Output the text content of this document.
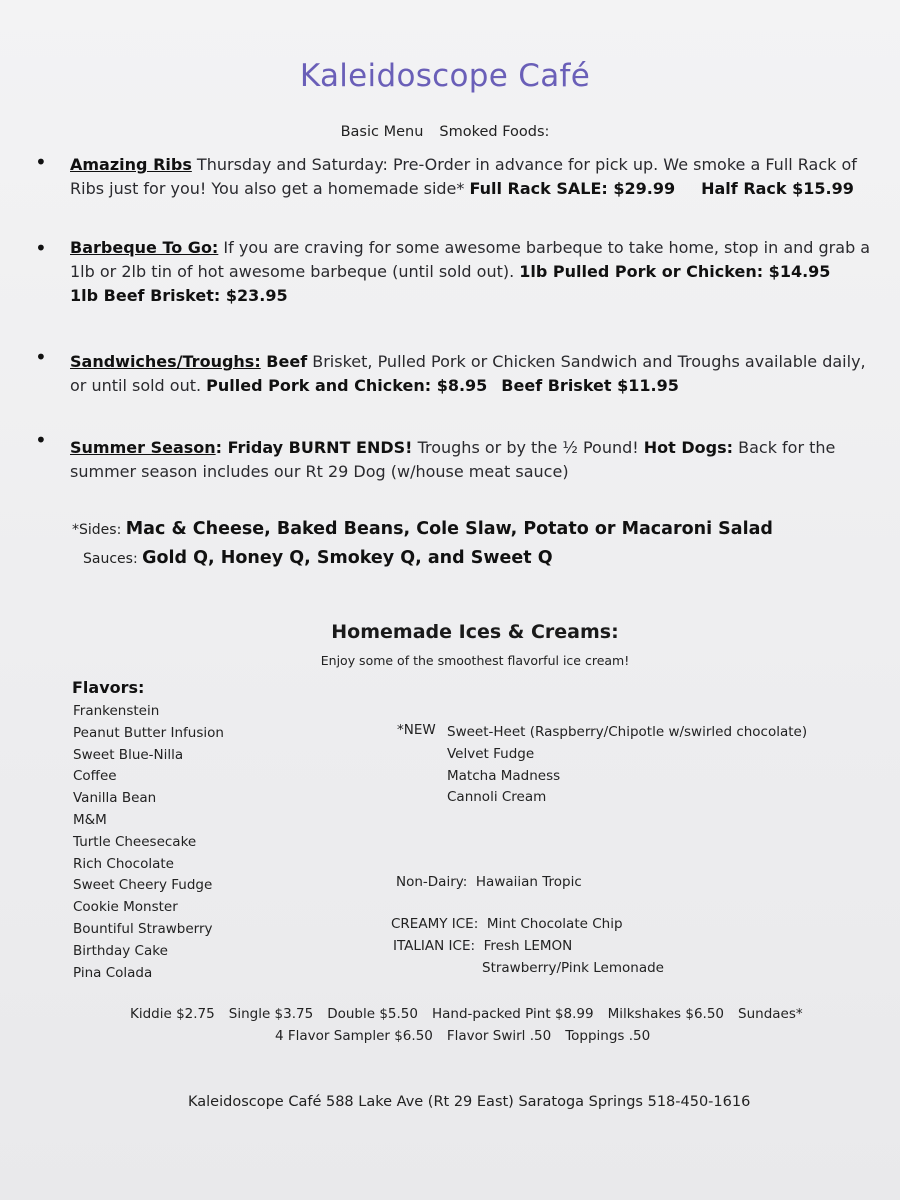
Kaleidoscope Café
Basic Menu Smoked Foods:
• Amazing Ribs Thursday and Saturday: Pre-Order in advance for pick up. We smoke a Full Rack of Ribs just for you! You also get a homemade side* Full Rack SALE: $29.99 Half Rack $15.99
• Barbeque To Go: If you are craving for some awesome barbeque to take home, stop in and grab a 1lb or 2lb tin of hot awesome barbeque (until sold out). 1lb Pulled Pork or Chicken: $14.95
1lb Beef Brisket: $23.95
• Sandwiches/Troughs: Beef Brisket, Pulled Pork or Chicken Sandwich and Troughs available daily, or until sold out. Pulled Pork and Chicken: $8.95 Beef Brisket $11.95
• Summer Season: Friday BURNT ENDS! Troughs or by the ½ Pound! Hot Dogs: Back for the summer season includes our Rt 29 Dog (w/house meat sauce)
*Sides: Mac & Cheese, Baked Beans, Cole Slaw, Potato or Macaroni Salad
Sauces: Gold Q, Honey Q, Smokey Q, and Sweet Q
Homemade Ices & Creams:
Enjoy some of the smoothest flavorful ice cream!
Flavors:
Frankenstein
Peanut Butter Infusion
Sweet Blue-Nilla
Coffee
Vanilla Bean
M&M
Turtle Cheesecake
Rich Chocolate
Sweet Cheery Fudge
Cookie Monster
Bountiful Strawberry
Birthday Cake
Pina Colada
*NEW Sweet-Heet (Raspberry/Chipotle w/swirled chocolate)
Velvet Fudge
Matcha Madness
Cannoli Cream
Non-Dairy: Hawaiian Tropic
CREAMY ICE: Mint Chocolate Chip
ITALIAN ICE: Fresh LEMON
Strawberry/Pink Lemonade
Kiddie $2.75 Single $3.75 Double $5.50 Hand-packed Pint $8.99 Milkshakes $6.50 Sundaes*
4 Flavor Sampler $6.50 Flavor Swirl .50 Toppings .50
Kaleidoscope Café 588 Lake Ave (Rt 29 East) Saratoga Springs 518-450-1616
